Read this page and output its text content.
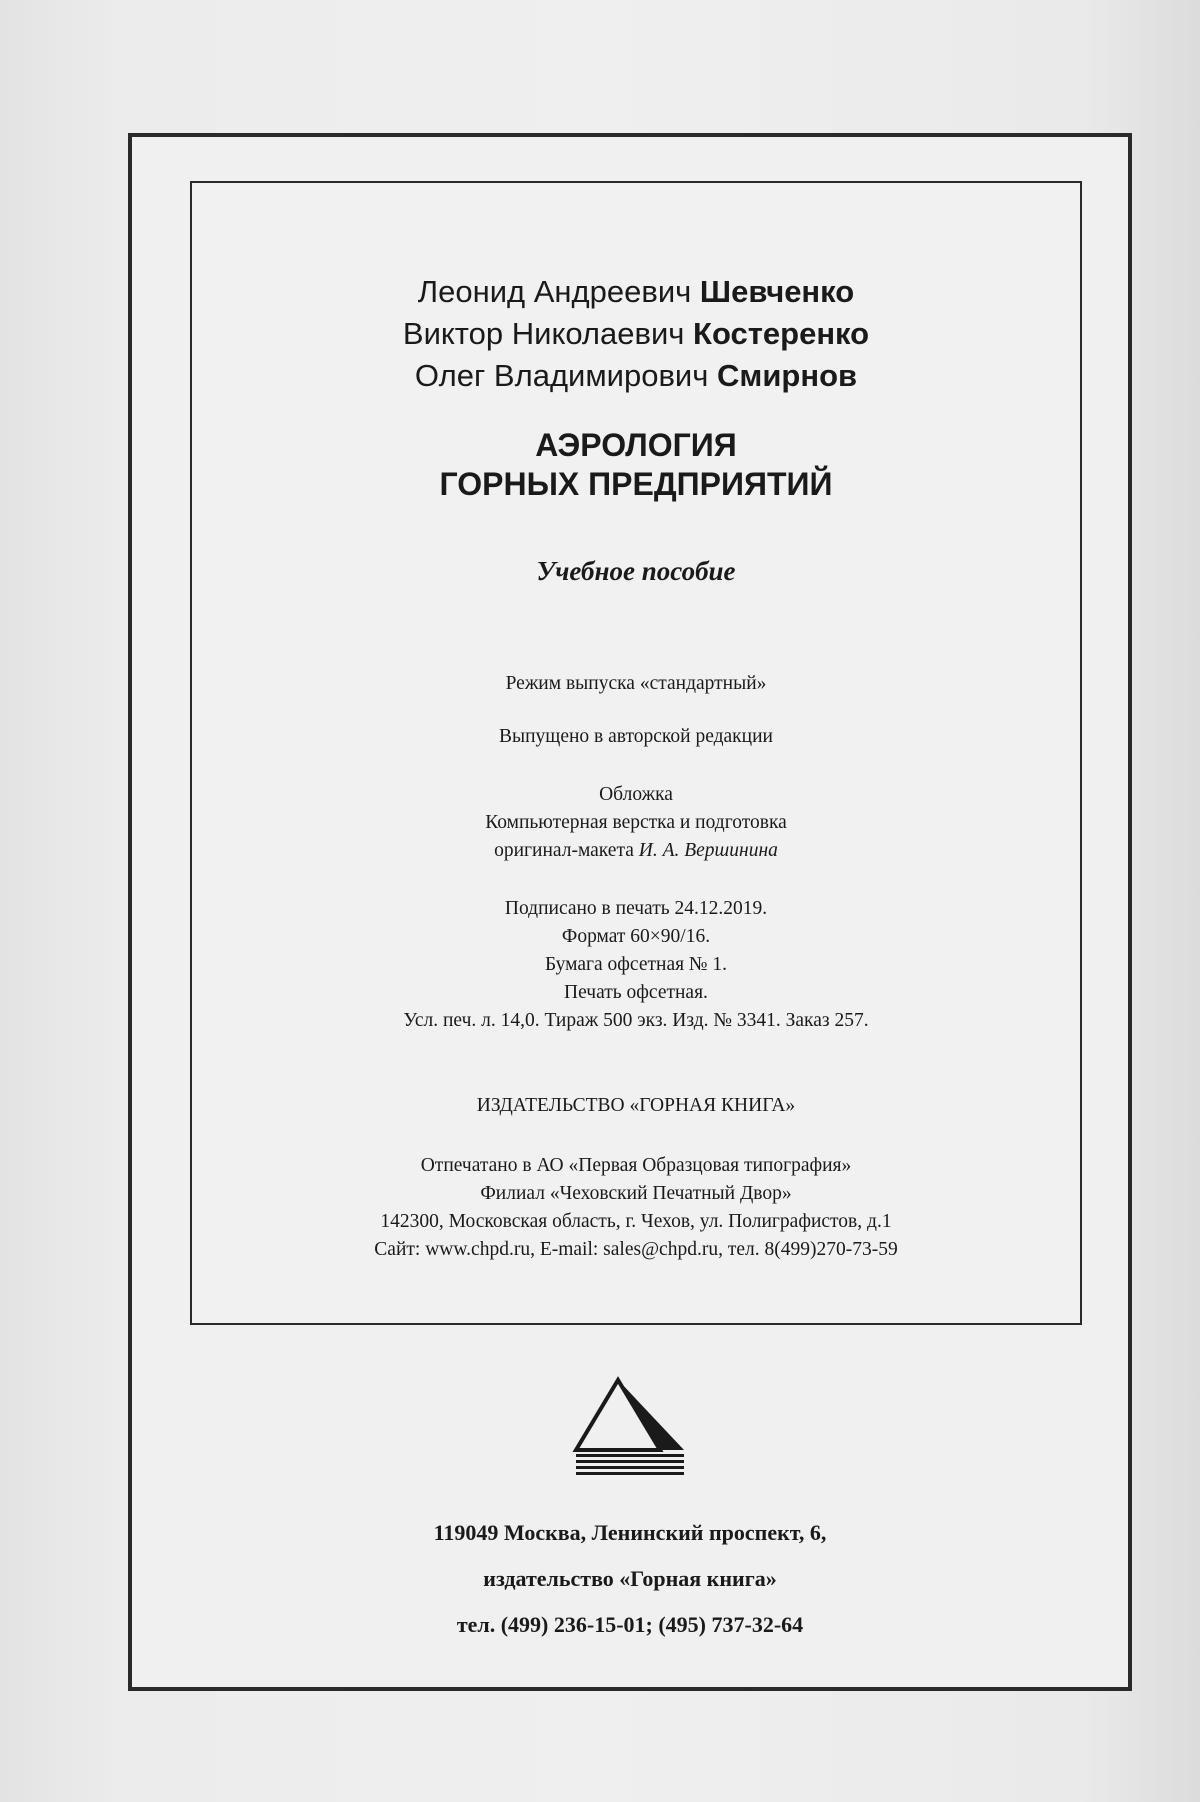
Леонид Андреевич Шевченко
Виктор Николаевич Костеренко
Олег Владимирович Смирнов
АЭРОЛОГИЯ
ГОРНЫХ ПРЕДПРИЯТИЙ
Учебное пособие
Режим выпуска «стандартный»
Выпущено в авторской редакции
Обложка
Компьютерная верстка и подготовка
оригинал-макета И. А. Вершинина
Подписано в печать 24.12.2019.
Формат 60×90/16.
Бумага офсетная № 1.
Печать офсетная.
Усл. печ. л. 14,0. Тираж 500 экз. Изд. № 3341. Заказ 257.
ИЗДАТЕЛЬСТВО «ГОРНАЯ КНИГА»
Отпечатано в АО «Первая Образцовая типография»
Филиал «Чеховский Печатный Двор»
142300, Московская область, г. Чехов, ул. Полиграфистов, д.1
Сайт: www.chpd.ru, E-mail: sales@chpd.ru, тел. 8(499)270-73-59
119049 Москва, Ленинский проспект, 6,
издательство «Горная книга»
тел. (499) 236-15-01; (495) 737-32-64
